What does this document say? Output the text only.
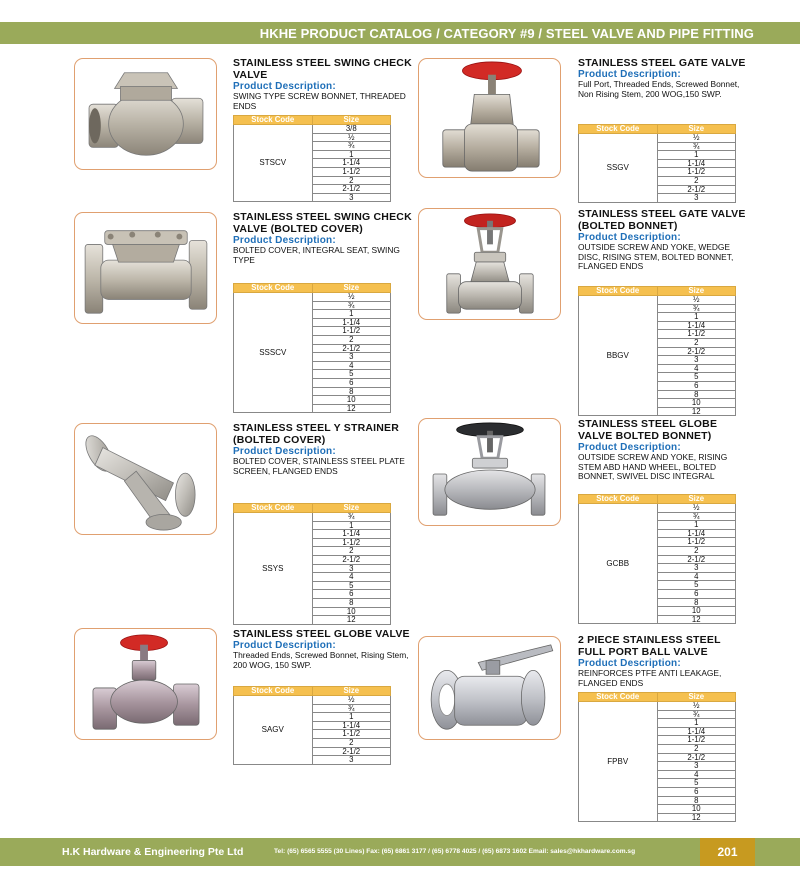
HKHE PRODUCT CATALOG / CATEGORY #9 / STEEL VALVE AND PIPE FITTING
STAINLESS STEEL SWING CHECK VALVE
Product Description:
SWING TYPE SCREW BONNET, THREADED ENDS
Stock Code	Size
STSCV	3/8
	½
	¾
	1
	1-1/4
	1-1/2
	2
	2-1/2
	3
STAINLESS STEEL SWING CHECK VALVE (BOLTED COVER)
Product Description:
BOLTED COVER, INTEGRAL SEAT, SWING TYPE
Stock Code	Size
SSSCV	½
	¾
	1
	1-1/4
	1-1/2
	2
	2-1/2
	3
	4
	5
	6
	8
	10
	12
STAINLESS STEEL Y STRAINER (BOLTED COVER)
Product Description:
BOLTED COVER, STAINLESS STEEL PLATE SCREEN, FLANGED ENDS
Stock Code	Size
SSYS	¾
	1
	1-1/4
	1-1/2
	2
	2-1/2
	3
	4
	5
	6
	8
	10
	12
STAINLESS STEEL GLOBE VALVE
Product Description:
Threaded Ends, Screwed Bonnet, Rising Stem, 200 WOG, 150 SWP.
Stock Code	Size
SAGV	½
	¾
	1
	1-1/4
	1-1/2
	2
	2-1/2
	3
STAINLESS STEEL GATE VALVE
Product Description:
Full Port, Threaded Ends, Screwed Bonnet, Non Rising Stem, 200 WOG,150 SWP.
Stock Code	Size
SSGV	½
	¾
	1
	1-1/4
	1-1/2
	2
	2-1/2
	3
STAINLESS STEEL GATE VALVE (BOLTED BONNET)
Product Description:
OUTSIDE SCREW AND YOKE, WEDGE DISC, RISING STEM, BOLTED BONNET, FLANGED ENDS
Stock Code	Size
BBGV	½
	¾
	1
	1-1/4
	1-1/2
	2
	2-1/2
	3
	4
	5
	6
	8
	10
	12
STAINLESS STEEL GLOBE VALVE BOLTED BONNET)
Product Description:
OUTSIDE SCREW AND YOKE, RISING STEM ABD HAND WHEEL, BOLTED BONNET, SWIVEL DISC INTEGRAL
Stock Code	Size
GCBB	½
	¾
	1
	1-1/4
	1-1/2
	2
	2-1/2
	3
	4
	5
	6
	8
	10
	12
2 PIECE STAINLESS STEEL FULL PORT BALL VALVE
Product Description:
REINFORCES PTFE ANTI LEAKAGE, FLANGED ENDS
Stock Code	Size
FPBV	½
	¾
	1
	1-1/4
	1-1/2
	2
	2-1/2
	3
	4
	5
	6
	8
	10
	12
H.K Hardware & Engineering Pte Ltd	Tel: (65) 6565 5555 (30 Lines) Fax: (65) 6861 3177 / (65) 6778 4025 / (65) 6873 1602 Email: sales@hkhardware.com.sg	201
